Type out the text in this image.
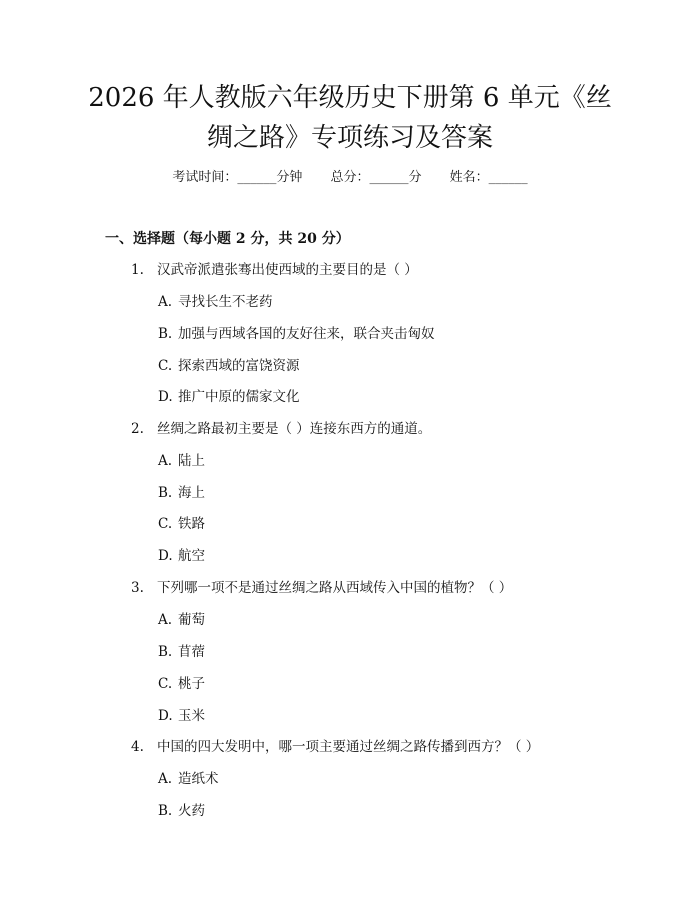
2026 年人教版六年级历史下册第 6 单元《丝
绸之路》专项练习及答案
考试时间：______分钟 总分：______分 姓名：______
一、选择题（每小题 2 分，共 20 分）
1. 汉武帝派遣张骞出使西域的主要目的是（ ）
A. 寻找长生不老药
B. 加强与西域各国的友好往来，联合夹击匈奴
C. 探索西域的富饶资源
D. 推广中原的儒家文化
2. 丝绸之路最初主要是（ ）连接东西方的通道。
A. 陆上
B. 海上
C. 铁路
D. 航空
3. 下列哪一项不是通过丝绸之路从西域传入中国的植物？（ ）
A. 葡萄
B. 苜蓿
C. 桃子
D. 玉米
4. 中国的四大发明中，哪一项主要通过丝绸之路传播到西方？（ ）
A. 造纸术
B. 火药
